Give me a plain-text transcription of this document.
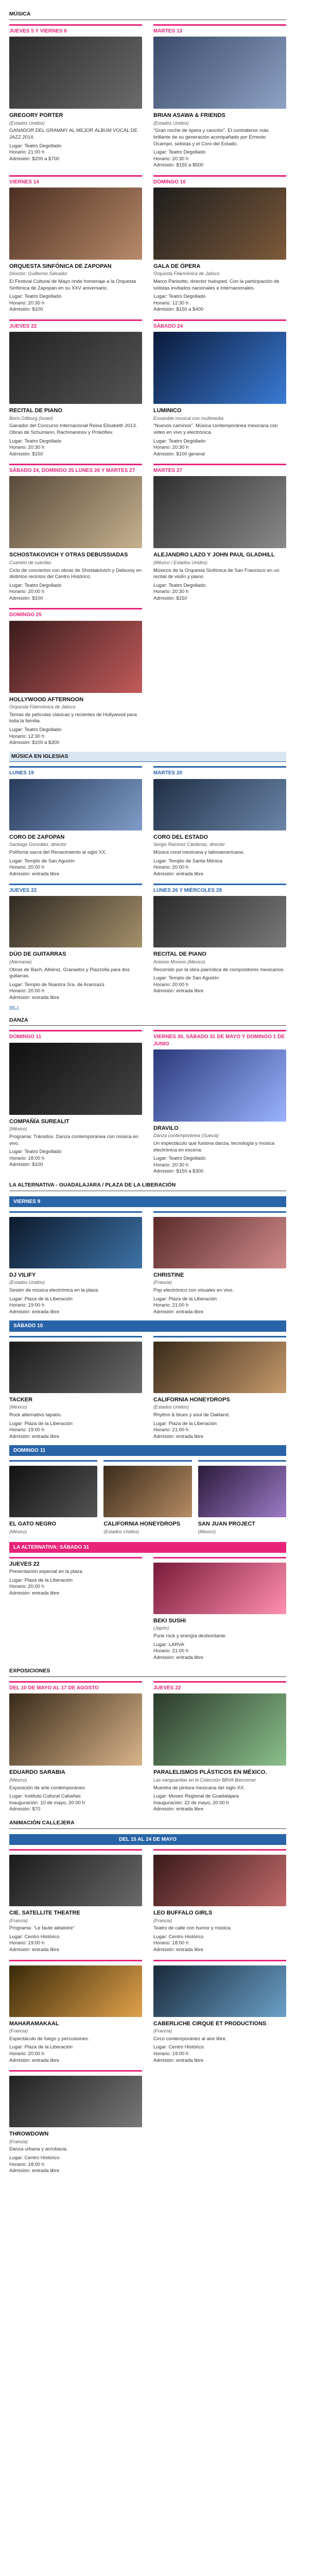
MÚSICA
JUEVES 5 Y VIERNES 6
GREGORY PORTER
(Estados Unidos)
GANADOR DEL GRAMMY AL MEJOR ÁLBUM VOCAL DE JAZZ 2014.
Lugar: Teatro Degollado
Horario: 21:00 h
Admisión: $200 a $700
MARTES 13
BRIAN ASAWA & FRIENDS
(Estados Unidos)
“Gran noche de ópera y canción”. El contratenor más brillante de su generación acompañado por Ernesto Ocampo, solistas y el Coro del Estado.
Lugar: Teatro Degollado
Horario: 20:30 h
Admisión: $150 a $500
VIERNES 14
ORQUESTA SINFÓNICA DE ZAPOPAN
Director: Guillermo Salvador
El Festival Cultural de Mayo rinde homenaje a la Orquesta Sinfónica de Zapopan en su XXV aniversario.
Lugar: Teatro Degollado
Horario: 20:30 h
Admisión: $100
DOMINGO 16
GALA DE ÓPERA
Orquesta Filarmónica de Jalisco
Marco Parisotto, director huésped. Con la participación de solistas invitados nacionales e internacionales.
Lugar: Teatro Degollado
Horario: 12:30 h
Admisión: $150 a $400
JUEVES 22
RECITAL DE PIANO
Boris Giltburg (Israel)
Ganador del Concurso Internacional Reina Elisabeth 2013. Obras de Schumann, Rachmaninov y Prokófiev.
Lugar: Teatro Degollado
Horario: 20:30 h
Admisión: $150
SÁBADO 24
LUMINICO
Ensamble musical con multimedia
“Nuevos caminos”. Música contemporánea mexicana con video en vivo y electrónica.
Lugar: Teatro Degollado
Horario: 20:30 h
Admisión: $100 general
SÁBADO 24, DOMINGO 25 LUNES 26 Y MARTES 27
SCHOSTAKOVICH Y OTRAS DEBUSSIADAS
Cuarteto de cuerdas
Ciclo de conciertos con obras de Shostakóvich y Debussy en distintos recintos del Centro Histórico.
Lugar: Teatro Degollado
Horario: 20:00 h
Admisión: $100
MARTES 27
ALEJANDRO LAZO Y JOHN PAUL GLADHILL
(México / Estados Unidos)
Músicos de la Orquesta Sinfónica de San Francisco en un recital de violín y piano.
Lugar: Teatro Degollado
Horario: 20:30 h
Admisión: $150
DOMINGO 25
HOLLYWOOD AFTERNOON
Orquesta Filarmónica de Jalisco
Temas de películas clásicas y recientes de Hollywood para toda la familia.
Lugar: Teatro Degollado
Horario: 12:30 h
Admisión: $100 a $300
MÚSICA EN IGLESIAS
LUNES 19
CORO DE ZAPOPAN
Santiago González, director
Polifonía sacra del Renacimiento al siglo XX.
Lugar: Templo de San Agustín
Horario: 20:00 h
Admisión: entrada libre
MARTES 20
CORO DEL ESTADO
Sergio Ramírez Cárdenas, director
Música coral mexicana y latinoamericana.
Lugar: Templo de Santa Mónica
Horario: 20:00 h
Admisión: entrada libre
JUEVES 22
DÚO DE GUITARRAS
(Alemania)
Obras de Bach, Albéniz, Granados y Piazzolla para dos guitarras.
Lugar: Templo de Nuestra Sra. de Aranzazú
Horario: 20:00 h
Admisión: entrada libre
LUNES 26 Y MIÉRCOLES 28
RECITAL DE PIANO
Antonio Moreno (México)
Recorrido por la obra pianística de compositores mexicanos.
Lugar: Templo de San Agustín
Horario: 20:00 h
Admisión: entrada libre
ver +
DANZA
DOMINGO 11
COMPAÑÍA SUREALIT
(México)
Programa: Tránsitos. Danza contemporánea con música en vivo.
Lugar: Teatro Degollado
Horario: 18:00 h
Admisión: $100
VIERNES 30, SÁBADO 31 DE MAYO Y DOMINGO 1 DE JUNIO
DRAVILO
Danza contemporánea (Suecia)
Un espectáculo que fusiona danza, tecnología y música electrónica en escena.
Lugar: Teatro Degollado
Horario: 20:30 h
Admisión: $150 a $300
LA ALTERNATIVA - GUADALAJARA / PLAZA DE LA LIBERACIÓN
VIERNES 9
DJ VILIFY
(Estados Unidos)
Sesión de música electrónica en la plaza.
Lugar: Plaza de la Liberación
Horario: 19:00 h
Admisión: entrada libre
CHRISTINE
(Francia)
Pop electrónico con visuales en vivo.
Lugar: Plaza de la Liberación
Horario: 21:00 h
Admisión: entrada libre
SÁBADO 10
TACKER
(México)
Rock alternativo tapatío.
Lugar: Plaza de la Liberación
Horario: 19:00 h
Admisión: entrada libre
CALIFORNIA HONEYDROPS
(Estados Unidos)
Rhythm & blues y soul de Oakland.
Lugar: Plaza de la Liberación
Horario: 21:00 h
Admisión: entrada libre
DOMINGO 11
EL GATO NEGRO
(México)
CALIFORNIA HONEYDROPS
(Estados Unidos)
SAN JUAN PROJECT
(México)
LA ALTERNATIVA: SÁBADO 31
JUEVES 22
Presentación especial en la plaza.
Lugar: Plaza de la Liberación
Horario: 20:00 h
Admisión: entrada libre
BEKI SUSHI
(Japón)
Punk rock y energía desbordante.
Lugar: LARVA
Horario: 21:00 h
Admisión: entrada libre
EXPOSICIONES
DEL 10 DE MAYO AL 17 DE AGOSTO
EDUARDO SARABIA
(México)
Exposición de arte contemporáneo.
Lugar: Instituto Cultural Cabañas
Inauguración: 10 de mayo, 20:00 h
Admisión: $70
JUEVES 22
PARALELISMOS PLÁSTICOS EN MÉXICO.
Las vanguardias en la Colección BBVA Bancomer
Muestra de pintura mexicana del siglo XX.
Lugar: Museo Regional de Guadalajara
Inauguración: 22 de mayo, 20:00 h
Admisión: entrada libre
ANIMACIÓN CALLEJERA
DEL 15 AL 24 DE MAYO
CIE. SATELLITE THEATRE
(Francia)
Programa: “Le faute aléatoire”
Lugar: Centro Histórico
Horario: 19:00 h
Admisión: entrada libre
LEO BUFFALO GIRLS
(Francia)
Teatro de calle con humor y música.
Lugar: Centro Histórico
Horario: 18:00 h
Admisión: entrada libre
MAHARAMAKAAL
(Francia)
Espectáculo de fuego y percusiones.
Lugar: Plaza de la Liberación
Horario: 20:00 h
Admisión: entrada libre
CABERLICHE CIRQUE ET PRODUCTIONS
(Francia)
Circo contemporáneo al aire libre.
Lugar: Centro Histórico
Horario: 19:00 h
Admisión: entrada libre
THROWDOWN
(Francia)
Danza urbana y acrobacia.
Lugar: Centro Histórico
Horario: 18:00 h
Admisión: entrada libre
